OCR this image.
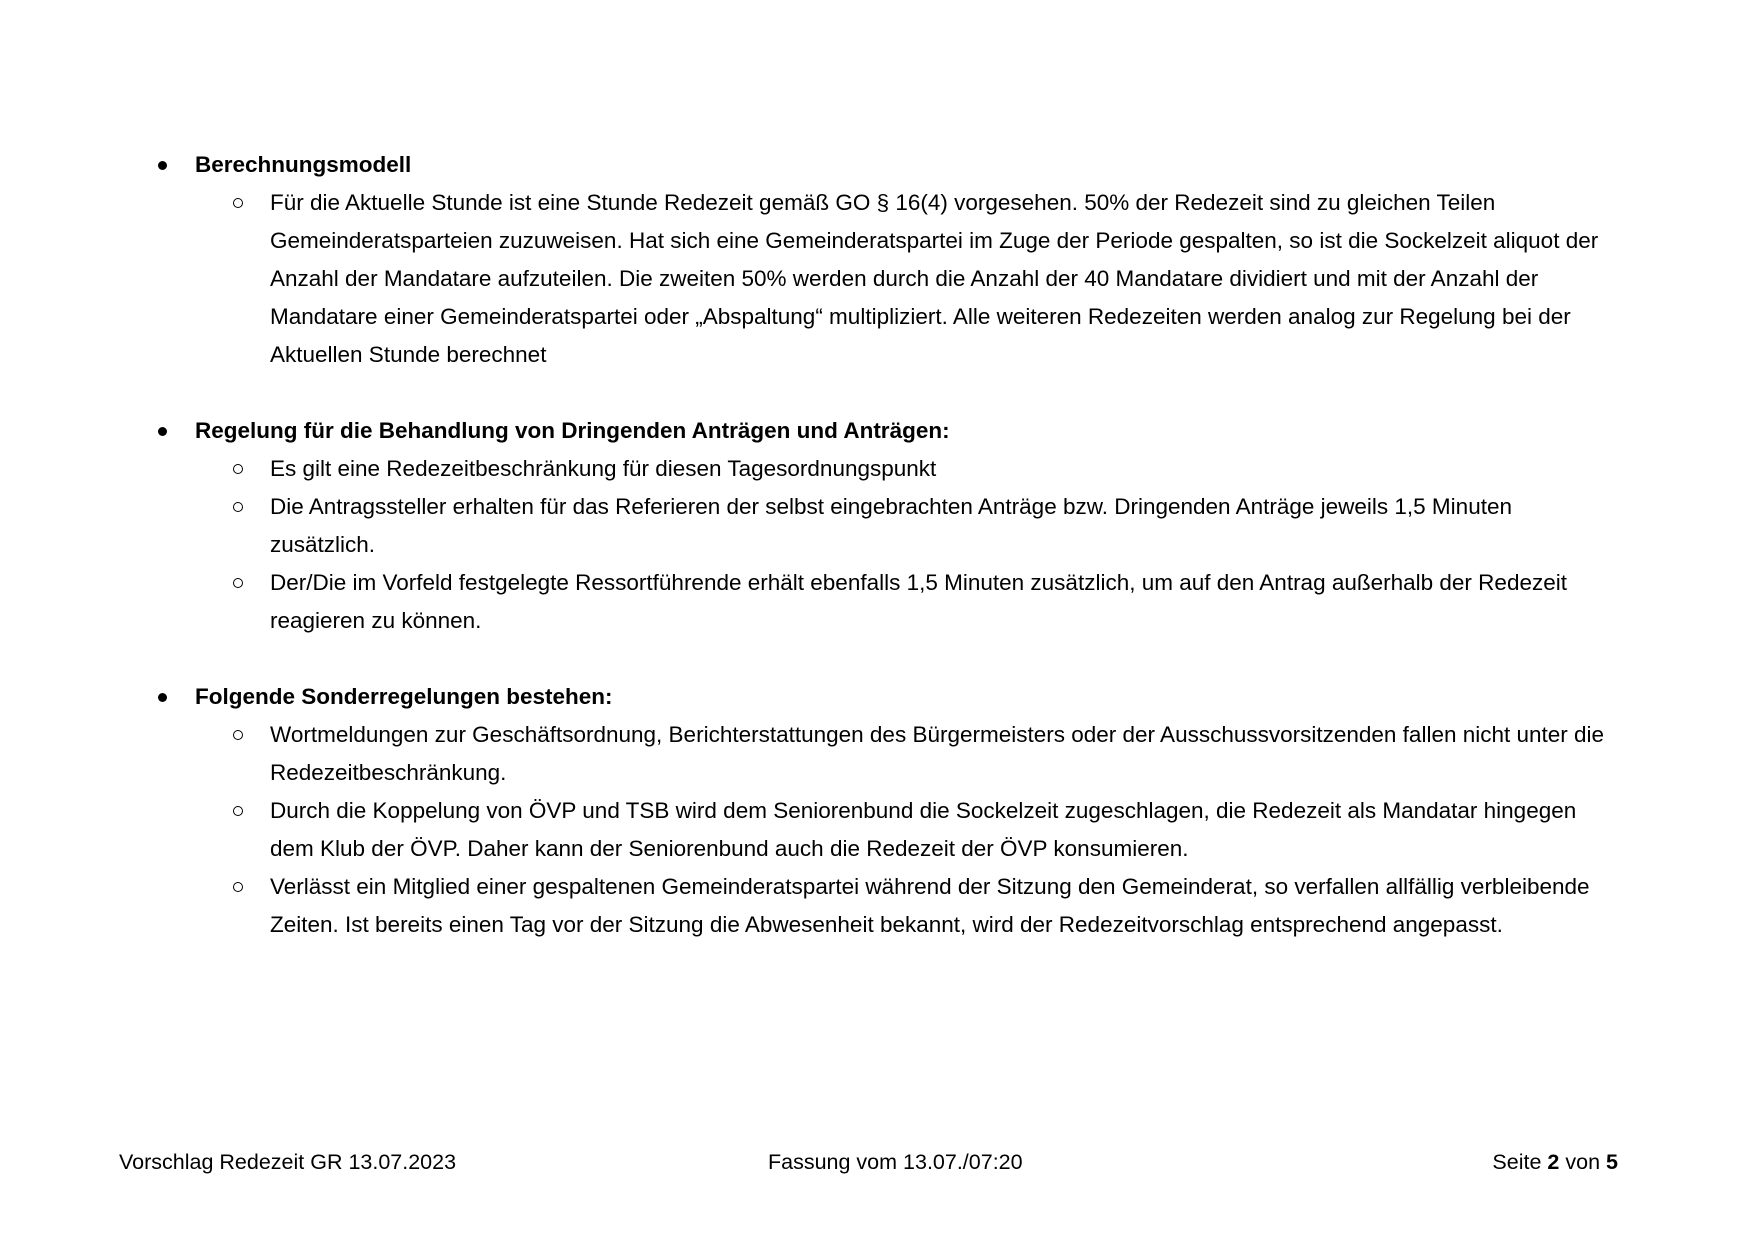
Berechnungsmodell
Für die Aktuelle Stunde ist eine Stunde Redezeit gemäß GO § 16(4) vorgesehen. 50% der Redezeit sind zu gleichen Teilen Gemeinderatsparteien zuzuweisen. Hat sich eine Gemeinderatspartei im Zuge der Periode gespalten, so ist die Sockelzeit aliquot der Anzahl der Mandatare aufzuteilen. Die zweiten 50% werden durch die Anzahl der 40 Mandatare dividiert und mit der Anzahl der Mandatare einer Gemeinderatspartei oder „Abspaltung“ multipliziert. Alle weiteren Redezeiten werden analog zur Regelung bei der Aktuellen Stunde berechnet
Regelung für die Behandlung von Dringenden Anträgen und Anträgen:
Es gilt eine Redezeitbeschränkung für diesen Tagesordnungspunkt
Die Antragssteller erhalten für das Referieren der selbst eingebrachten Anträge bzw. Dringenden Anträge jeweils 1,5 Minuten zusätzlich.
Der/Die im Vorfeld festgelegte Ressortführende erhält ebenfalls 1,5 Minuten zusätzlich, um auf den Antrag außerhalb der Redezeit reagieren zu können.
Folgende Sonderregelungen bestehen:
Wortmeldungen zur Geschäftsordnung, Berichterstattungen des Bürgermeisters oder der Ausschussvorsitzenden fallen nicht unter die Redezeitbeschränkung.
Durch die Koppelung von ÖVP und TSB wird dem Seniorenbund die Sockelzeit zugeschlagen, die Redezeit als Mandatar hingegen dem Klub der ÖVP. Daher kann der Seniorenbund auch die Redezeit der ÖVP konsumieren.
Verlässt ein Mitglied einer gespaltenen Gemeinderatspartei während der Sitzung den Gemeinderat, so verfallen allfällig verbleibende Zeiten. Ist bereits einen Tag vor der Sitzung die Abwesenheit bekannt, wird der Redezeitvorschlag entsprechend angepasst.
Vorschlag Redezeit GR 13.07.2023	Fassung vom 13.07./07:20	Seite 2 von 5
